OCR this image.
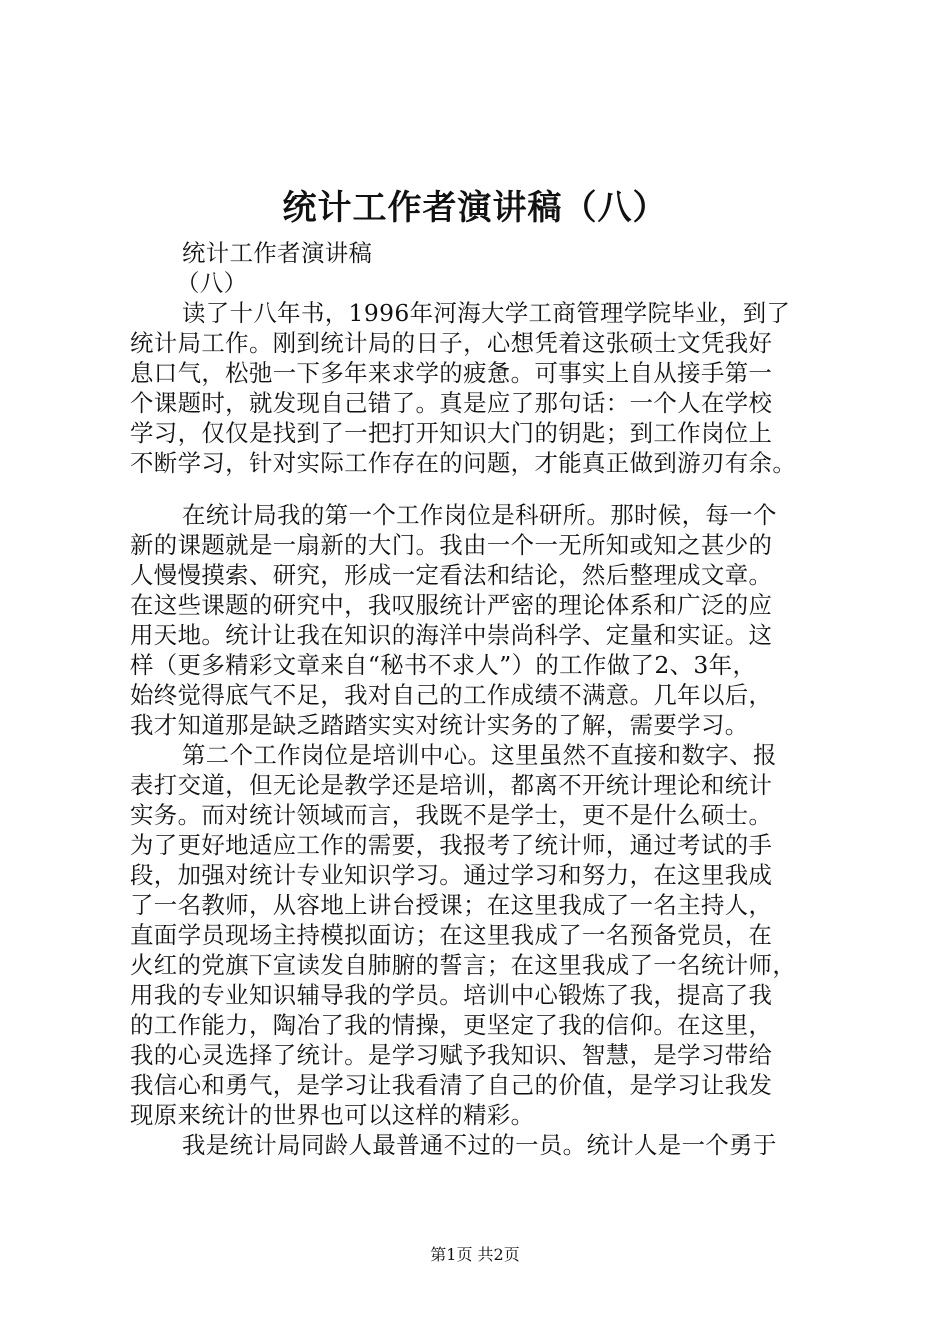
统计工作者演讲稿（八）
统计工作者演讲稿
（八）
读了十八年书，1996年河海大学工商管理学院毕业，到了
统计局工作。刚到统计局的日子，心想凭着这张硕士文凭我好
息口气，松弛一下多年来求学的疲惫。可事实上自从接手第一
个课题时，就发现自己错了。真是应了那句话：一个人在学校
学习，仅仅是找到了一把打开知识大门的钥匙；到工作岗位上
不断学习，针对实际工作存在的问题，才能真正做到游刃有余。
在统计局我的第一个工作岗位是科研所。那时候，每一个
新的课题就是一扇新的大门。我由一个一无所知或知之甚少的
人慢慢摸索、研究，形成一定看法和结论，然后整理成文章。
在这些课题的研究中，我叹服统计严密的理论体系和广泛的应
用天地。统计让我在知识的海洋中崇尚科学、定量和实证。这
样（更多精彩文章来自“秘书不求人”）的工作做了2、3年，
始终觉得底气不足，我对自己的工作成绩不满意。几年以后，
我才知道那是缺乏踏踏实实对统计实务的了解，需要学习。
第二个工作岗位是培训中心。这里虽然不直接和数字、报
表打交道，但无论是教学还是培训，都离不开统计理论和统计
实务。而对统计领域而言，我既不是学士，更不是什么硕士。
为了更好地适应工作的需要，我报考了统计师，通过考试的手
段，加强对统计专业知识学习。通过学习和努力，在这里我成
了一名教师，从容地上讲台授课；在这里我成了一名主持人，
直面学员现场主持模拟面访；在这里我成了一名预备党员，在
火红的党旗下宣读发自肺腑的誓言；在这里我成了一名统计师，
用我的专业知识辅导我的学员。培训中心锻炼了我，提高了我
的工作能力，陶冶了我的情操，更坚定了我的信仰。在这里，
我的心灵选择了统计。是学习赋予我知识、智慧，是学习带给
我信心和勇气，是学习让我看清了自己的价值，是学习让我发
现原来统计的世界也可以这样的精彩。
我是统计局同龄人最普通不过的一员。统计人是一个勇于
第1页 共2页
